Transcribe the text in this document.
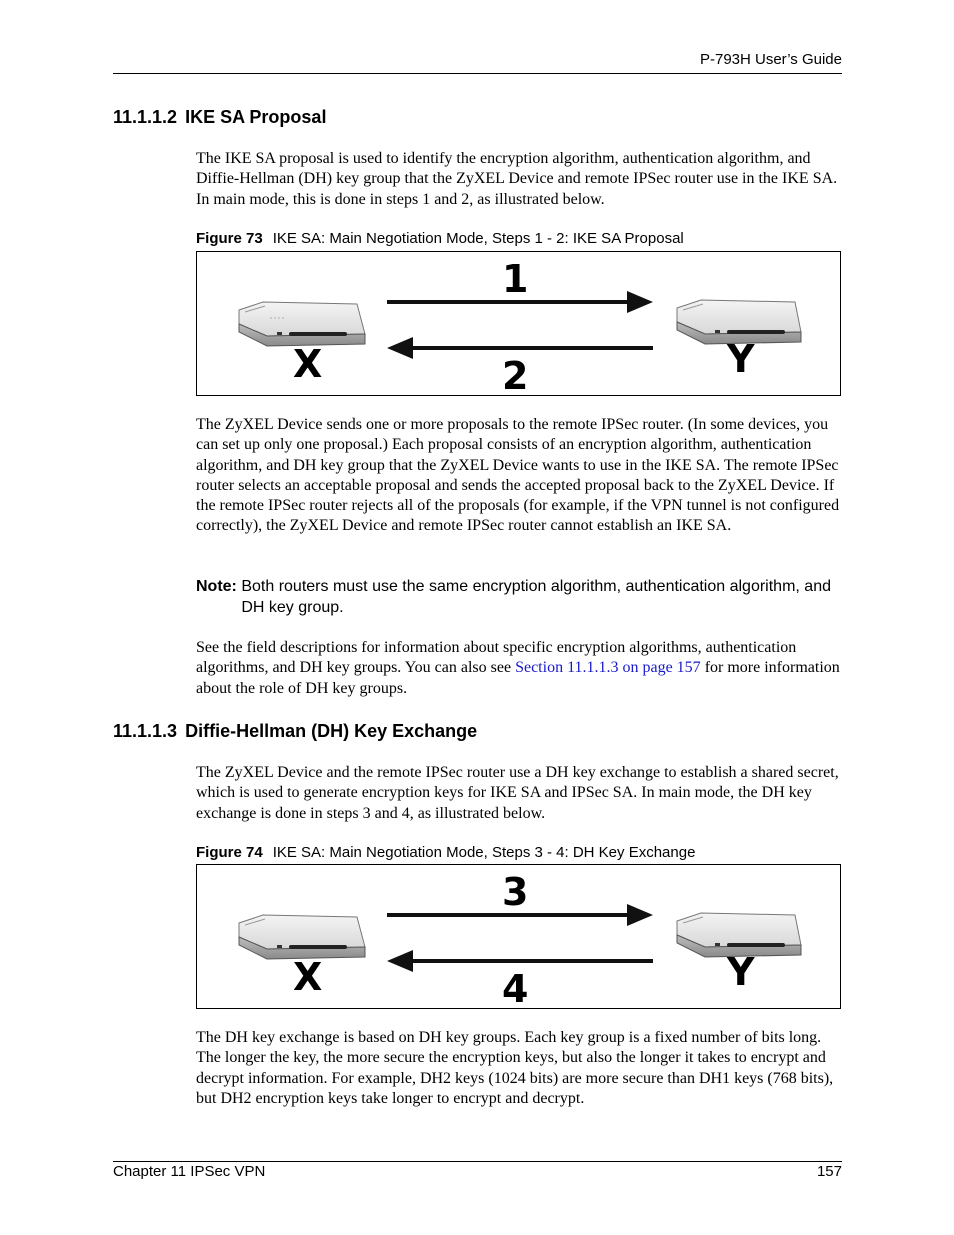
P-793H User’s Guide
11.1.1.2 IKE SA Proposal
The IKE SA proposal is used to identify the encryption algorithm, authentication algorithm, and Diffie-Hellman (DH) key group that the ZyXEL Device and remote IPSec router use in the IKE SA. In main mode, this is done in steps 1 and 2, as illustrated below.
Figure 73 IKE SA: Main Negotiation Mode, Steps 1 - 2: IKE SA Proposal
1
2
X	Y
The ZyXEL Device sends one or more proposals to the remote IPSec router. (In some devices, you can set up only one proposal.) Each proposal consists of an encryption algorithm, authentication algorithm, and DH key group that the ZyXEL Device wants to use in the IKE SA. The remote IPSec router selects an acceptable proposal and sends the accepted proposal back to the ZyXEL Device. If the remote IPSec router rejects all of the proposals (for example, if the VPN tunnel is not configured correctly), the ZyXEL Device and remote IPSec router cannot establish an IKE SA.
Note: Both routers must use the same encryption algorithm, authentication algorithm, and DH key group.
See the field descriptions for information about specific encryption algorithms, authentication algorithms, and DH key groups. You can also see Section 11.1.1.3 on page 157 for more information about the role of DH key groups.
11.1.1.3 Diffie-Hellman (DH) Key Exchange
The ZyXEL Device and the remote IPSec router use a DH key exchange to establish a shared secret, which is used to generate encryption keys for IKE SA and IPSec SA. In main mode, the DH key exchange is done in steps 3 and 4, as illustrated below.
Figure 74 IKE SA: Main Negotiation Mode, Steps 3 - 4: DH Key Exchange
3
4
X	Y
The DH key exchange is based on DH key groups. Each key group is a fixed number of bits long. The longer the key, the more secure the encryption keys, but also the longer it takes to encrypt and decrypt information. For example, DH2 keys (1024 bits) are more secure than DH1 keys (768 bits), but DH2 encryption keys take longer to encrypt and decrypt.
Chapter 11 IPSec VPN	157
